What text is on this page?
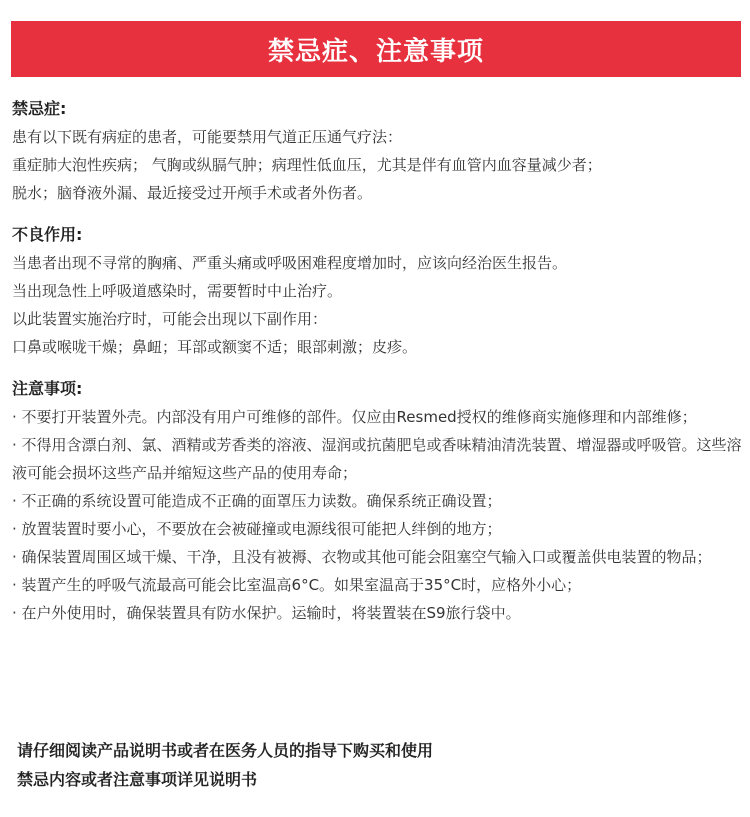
禁忌症、注意事项

禁忌症:

患有以下既有病症的患者，可能要禁用气道正压通气疗法：

重症肺大泡性疾病； 气胸或纵膈气肿；病理性低血压，尤其是伴有血管内血容量减少者；

脱水；脑脊液外漏、最近接受过开颅手术或者外伤者。

不良作用:

当患者出现不寻常的胸痛、严重头痛或呼吸困难程度增加时，应该向经治医生报告。

当出现急性上呼吸道感染时，需要暂时中止治疗。

以此装置实施治疗时，可能会出现以下副作用：

口鼻或喉咙干燥；鼻衄；耳部或额窦不适；眼部刺激；皮疹。

注意事项:

· 不要打开装置外壳。内部没有用户可维修的部件。仅应由Resmed授权的维修商实施修理和内部维修；

· 不得用含漂白剂、氯、酒精或芳香类的溶液、湿润或抗菌肥皂或香味精油清洗装置、增湿器或呼吸管。这些溶液可能会损坏这些产品并缩短这些产品的使用寿命；

· 不正确的系统设置可能造成不正确的面罩压力读数。确保系统正确设置；

· 放置装置时要小心，不要放在会被碰撞或电源线很可能把人绊倒的地方；

· 确保装置周围区域干燥、干净，且没有被褥、衣物或其他可能会阻塞空气输入口或覆盖供电装置的物品；

· 装置产生的呼吸气流最高可能会比室温高6°C。如果室温高于35°C时，应格外小心；

· 在户外使用时，确保装置具有防水保护。运输时，将装置装在S9旅行袋中。

请仔细阅读产品说明书或者在医务人员的指导下购买和使用

禁忌内容或者注意事项详见说明书
